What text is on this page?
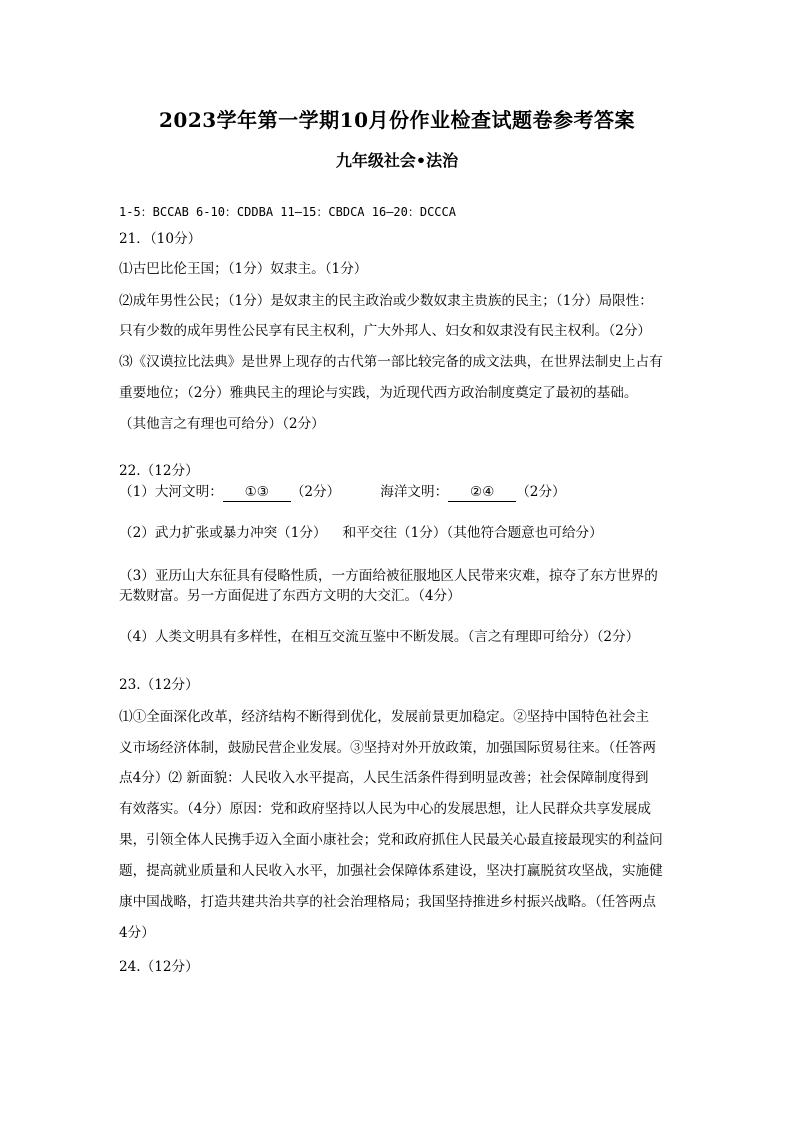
2023学年第一学期10月份作业检查试题卷参考答案
九年级社会•法治
1-5：BCCAB 6-10：CDDBA 11—15：CBDCA 16—20：DCCCA
21．（10分）
⑴古巴比伦王国；（1分）奴隶主。（1分）
⑵成年男性公民；（1分）是奴隶主的民主政治或少数奴隶主贵族的民主；（1分）局限性：
只有少数的成年男性公民享有民主权利，广大外邦人、妇女和奴隶没有民主权利。（2分）
⑶《汉谟拉比法典》是世界上现存的古代第一部比较完备的成文法典，在世界法制史上占有
重要地位；（2分）雅典民主的理论与实践，为近现代西方政治制度奠定了最初的基础。
（其他言之有理也可给分）（2分）
22.（12分）
（1）大河文明： ①③ （2分）	海洋文明： ②④ （2分）
（2）武力扩张或暴力冲突（1分） 和平交往（1分）（其他符合题意也可给分）
（3）亚历山大东征具有侵略性质，一方面给被征服地区人民带来灾难，掠夺了东方世界的
无数财富。另一方面促进了东西方文明的大交汇。（4分）
（4）人类文明具有多样性，在相互交流互鉴中不断发展。（言之有理即可给分）（2分）
23.（12分）
⑴①全面深化改革，经济结构不断得到优化，发展前景更加稳定。②坚持中国特色社会主
义市场经济体制，鼓励民营企业发展。③坚持对外开放政策，加强国际贸易往来。（任答两
点4分）⑵ 新面貌：人民收入水平提高，人民生活条件得到明显改善；社会保障制度得到
有效落实。（4分）原因：党和政府坚持以人民为中心的发展思想，让人民群众共享发展成
果，引领全体人民携手迈入全面小康社会；党和政府抓住人民最关心最直接最现实的利益问
题，提高就业质量和人民收入水平，加强社会保障体系建设，坚决打赢脱贫攻坚战，实施健
康中国战略，打造共建共治共享的社会治理格局；我国坚持推进乡村振兴战略。（任答两点
4分）
24.（12分）
